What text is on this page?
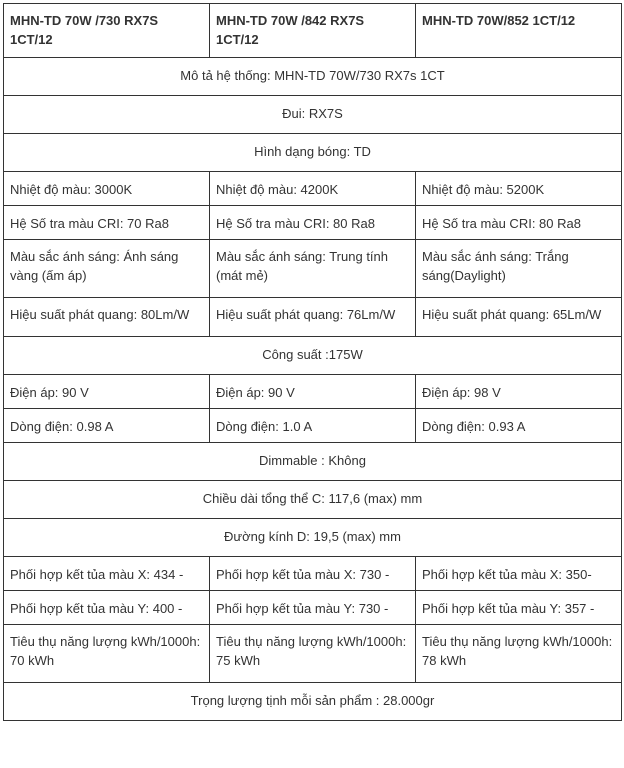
MHN-TD 70W /730 RX7S 1CT/12	MHN-TD 70W /842 RX7S 1CT/12	MHN-TD 70W/852 1CT/12
Mô tả hệ thống: MHN-TD 70W/730 RX7s 1CT		
Đui: RX7S		
Hình dạng bóng: TD		
Nhiệt độ màu: 3000K	Nhiệt độ màu: 4200K	Nhiệt độ màu: 5200K
Hệ Số tra màu CRI: 70 Ra8	Hệ Số tra màu CRI: 80 Ra8	Hệ Số tra màu CRI: 80 Ra8
Màu sắc ánh sáng: Ánh sáng vàng (ấm áp)	Màu sắc ánh sáng: Trung tính (mát mẻ)	Màu sắc ánh sáng: Trắng sáng(Daylight)
Hiệu suất phát quang: 80Lm/W	Hiệu suất phát quang: 76Lm/W	Hiệu suất phát quang: 65Lm/W
Công suất :175W		
Điện áp: 90 V	Điện áp: 90 V	Điện áp: 98 V
Dòng điện: 0.98 A	Dòng điện: 1.0 A	Dòng điện: 0.93 A
Dimmable : Không		
Chiều dài tổng thể C: 117,6 (max) mm		
Đường kính D: 19,5 (max) mm		
Phối hợp kết tủa màu X: 434 -	Phối hợp kết tủa màu X: 730 -	Phối hợp kết tủa màu X: 350-
Phối hợp kết tủa màu Y: 400 -	Phối hợp kết tủa màu Y: 730 -	Phối hợp kết tủa màu Y: 357 -
Tiêu thụ năng lượng kWh/1000h: 70 kWh	Tiêu thụ năng lượng kWh/1000h: 75 kWh	Tiêu thụ năng lượng kWh/1000h: 78 kWh
Trọng lượng tịnh mỗi sản phẩm : 28.000gr		
